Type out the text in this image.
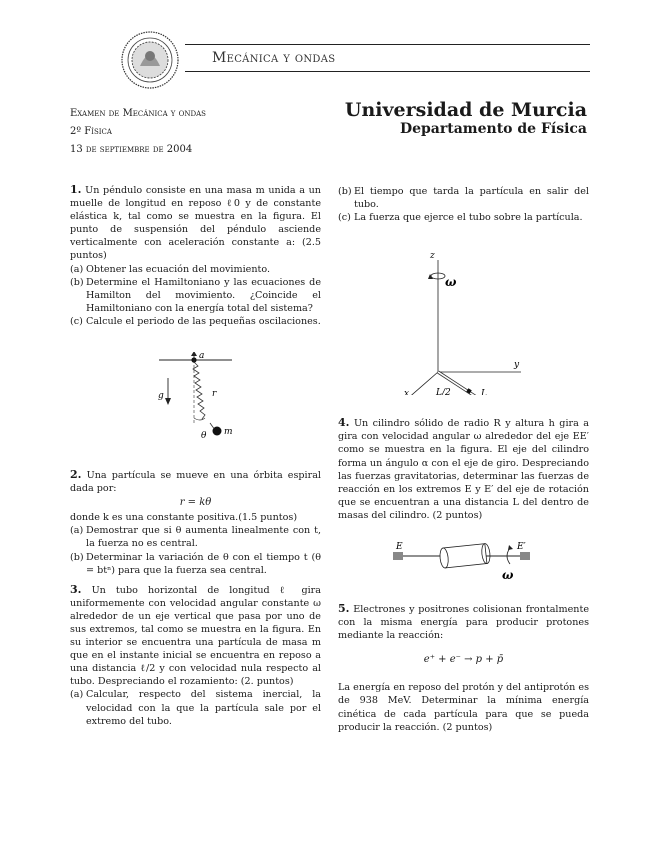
Mecánica y ondas
Examen de Mecánica y ondas
2º Física
13 de septiembre de 2004
Universidad de Murcia
Departamento de Física
1. Un péndulo consiste en una masa m unida a un muelle de longitud en reposo ℓ0 y de constante elástica k, tal como se muestra en la figura. El punto de suspensión del péndulo asciende verticalmente con aceleración constante a: (2.5 puntos)
(a) Obtener las ecuación del movimiento.
(b) Determine el Hamiltoniano y las ecuaciones de Hamilton del movimiento. ¿Coincide el Hamiltoniano con la energía total del sistema?
(c) Calcule el periodo de las pequeñas oscilaciones.
a
g	r
θ m
2. Una partícula se mueve en una órbita espiral dada por:
r = kθ
donde k es una constante positiva.(1.5 puntos)
(a) Demostrar que si θ aumenta linealmente con t, la fuerza no es central.
(b) Determinar la variación de θ con el tiempo t (θ = btⁿ) para que la fuerza sea central.
3. Un tubo horizontal de longitud ℓ gira uniformemente con velocidad angular constante ω alrededor de un eje vertical que pasa por uno de sus extremos, tal como se muestra en la figura. En su interior se encuentra una partícula de masa m que en el instante inicial se encuentra en reposo a una distancia ℓ/2 y con velocidad nula respecto al tubo. Despreciando el rozamiento: (2. puntos)
(a) Calcular, respecto del sistema inercial, la velocidad con la que la partícula sale por el extremo del tubo.
(b) El tiempo que tarda la partícula en salir del tubo.
(c) La fuerza que ejerce el tubo sobre la partícula.
z
ω
y
x	L/2	L
4. Un cilindro sólido de radio R y altura h gira a gira con velocidad angular ω alrededor del eje EE′ como se muestra en la figura. El eje del cilindro forma un ángulo α con el eje de giro. Despreciando las fuerzas gravitatorias, determinar las fuerzas de reacción en los extremos E y E′ del eje de rotación que se encuentran a una distancia L del dentro de masas del cilindro. (2 puntos)
E	E′
ω
5. Electrones y positrones colisionan frontalmente con la misma energía para producir protones mediante la reacción:
e⁺ + e⁻ → p + p̄
La energía en reposo del protón y del antiprotón es de 938 MeV. Determinar la mínima energía cinética de cada partícula para que se pueda producir la reacción. (2 puntos)
